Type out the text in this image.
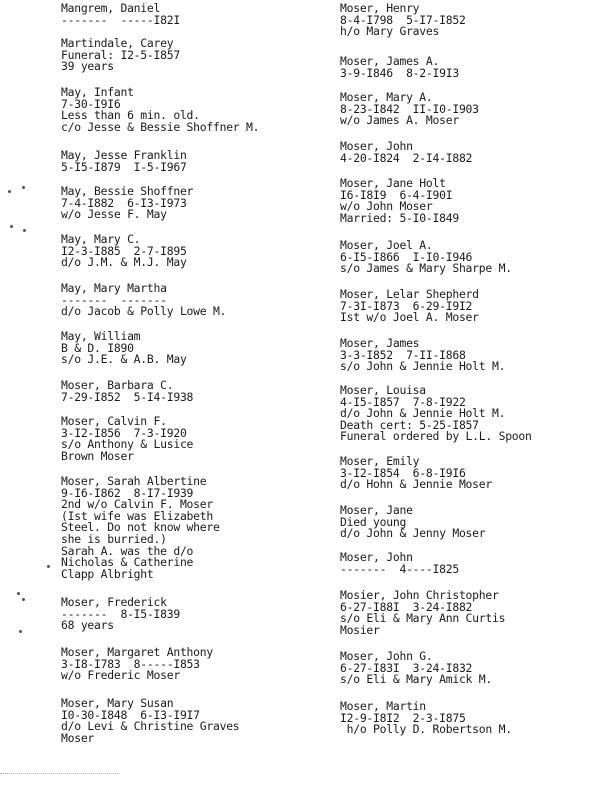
Mangrem, Daniel
-------  -----I82I
Martindale, Carey
Funeral: I2-5-I857
39 years
May, Infant
7-30-I9I6
Less than 6 min. old.
c/o Jesse & Bessie Shoffner M.
May, Jesse Franklin
5-I5-I879  I-5-I967
May, Bessie Shoffner
7-4-I882  6-I3-I973
w/o Jesse F. May
May, Mary C.
I2-3-I885  2-7-I895
d/o J.M. & M.J. May
May, Mary Martha
-------  -------
d/o Jacob & Polly Lowe M.
May, William
B & D. I890
s/o J.E. & A.B. May
Moser, Barbara C.
7-29-I852  5-I4-I938
Moser, Calvin F.
3-I2-I856  7-3-I920
s/o Anthony & Lusice
Brown Moser
Moser, Sarah Albertine
9-I6-I862  8-I7-I939
2nd w/o Calvin F. Moser
(Ist wife was Elizabeth
Steel. Do not know where
she is burried.)
Sarah A. was the d/o
Nicholas & Catherine
Clapp Albright
Moser, Frederick
-------  8-I5-I839
68 years
Moser, Margaret Anthony
3-I8-I783  8-----I853
w/o Frederic Moser
Moser, Mary Susan
I0-30-I848  6-I3-I9I7
d/o Levi & Christine Graves
Moser
Moser, Henry
8-4-I798  5-I7-I852
h/o Mary Graves
Moser, James A.
3-9-I846  8-2-I9I3
Moser, Mary A.
8-23-I842  II-I0-I903
w/o James A. Moser
Moser, John
4-20-I824  2-I4-I882
Moser, Jane Holt
I6-I8I9  6-4-I90I
w/o John Moser
Married: 5-I0-I849
Moser, Joel A.
6-I5-I866  I-I0-I946
s/o James & Mary Sharpe M.
Moser, Lelar Shepherd
7-3I-I873  6-29-I9I2
Ist w/o Joel A. Moser
Moser, James
3-3-I852  7-II-I868
s/o John & Jennie Holt M.
Moser, Louisa
4-I5-I857  7-8-I922
d/o John & Jennie Holt M.
Death cert: 5-25-I857
Funeral ordered by L.L. Spoon
Moser, Emily
3-I2-I854  6-8-I9I6
d/o Hohn & Jennie Moser
Moser, Jane
Died young
d/o John & Jenny Moser
Moser, John
-------  4----I825
Mosier, John Christopher
6-27-I88I  3-24-I882
s/o Eli & Mary Ann Curtis
Mosier
Moser, John G.
6-27-I83I  3-24-I832
s/o Eli & Mary Amick M.
Moser, Martin
I2-9-I8I2  2-3-I875
h/o Polly D. Robertson M.
